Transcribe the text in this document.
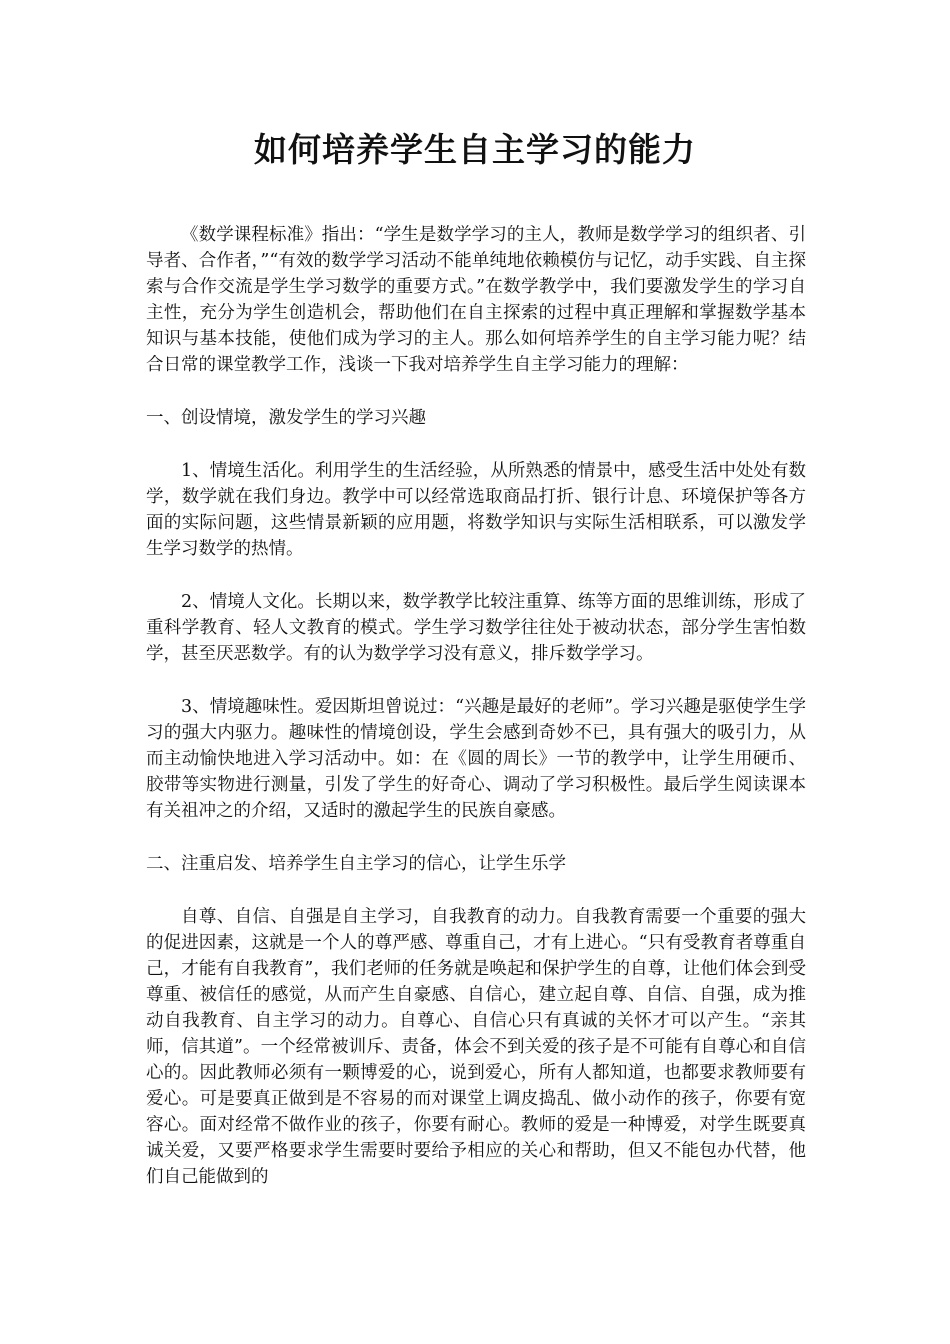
如何培养学生自主学习的能力

《数学课程标准》指出：“学生是数学学习的主人，教师是数学学习的组织者、引导者、合作者，”“有效的数学学习活动不能单纯地依赖模仿与记忆，动手实践、自主探索与合作交流是学生学习数学的重要方式。”在数学教学中，我们要激发学生的学习自主性，充分为学生创造机会，帮助他们在自主探索的过程中真正理解和掌握数学基本知识与基本技能，使他们成为学习的主人。那么如何培养学生的自主学习能力呢？结合日常的课堂教学工作，浅谈一下我对培养学生自主学习能力的理解：

一、创设情境，激发学生的学习兴趣

1、情境生活化。利用学生的生活经验，从所熟悉的情景中，感受生活中处处有数学，数学就在我们身边。教学中可以经常选取商品打折、银行计息、环境保护等各方面的实际问题，这些情景新颖的应用题，将数学知识与实际生活相联系，可以激发学生学习数学的热情。

2、情境人文化。长期以来，数学教学比较注重算、练等方面的思维训练，形成了重科学教育、轻人文教育的模式。学生学习数学往往处于被动状态，部分学生害怕数学，甚至厌恶数学。有的认为数学学习没有意义，排斥数学学习。

3、情境趣味性。爱因斯坦曾说过：“兴趣是最好的老师”。学习兴趣是驱使学生学习的强大内驱力。趣味性的情境创设，学生会感到奇妙不已，具有强大的吸引力，从而主动愉快地进入学习活动中。如：在《圆的周长》一节的教学中，让学生用硬币、胶带等实物进行测量，引发了学生的好奇心、调动了学习积极性。最后学生阅读课本有关祖冲之的介绍，又适时的激起学生的民族自豪感。

二、注重启发、培养学生自主学习的信心，让学生乐学

自尊、自信、自强是自主学习，自我教育的动力。自我教育需要一个重要的强大的促进因素，这就是一个人的尊严感、尊重自己，才有上进心。“只有受教育者尊重自己，才能有自我教育”，我们老师的任务就是唤起和保护学生的自尊，让他们体会到受尊重、被信任的感觉，从而产生自豪感、自信心，建立起自尊、自信、自强，成为推动自我教育、自主学习的动力。自尊心、自信心只有真诚的关怀才可以产生。“亲其师，信其道”。一个经常被训斥、责备，体会不到关爱的孩子是不可能有自尊心和自信心的。因此教师必须有一颗博爱的心，说到爱心，所有人都知道，也都要求教师要有爱心。可是要真正做到是不容易的而对课堂上调皮捣乱、做小动作的孩子，你要有宽容心。面对经常不做作业的孩子，你要有耐心。教师的爱是一种博爱，对学生既要真诚关爱，又要严格要求学生需要时要给予相应的关心和帮助，但又不能包办代替，他们自己能做到的
